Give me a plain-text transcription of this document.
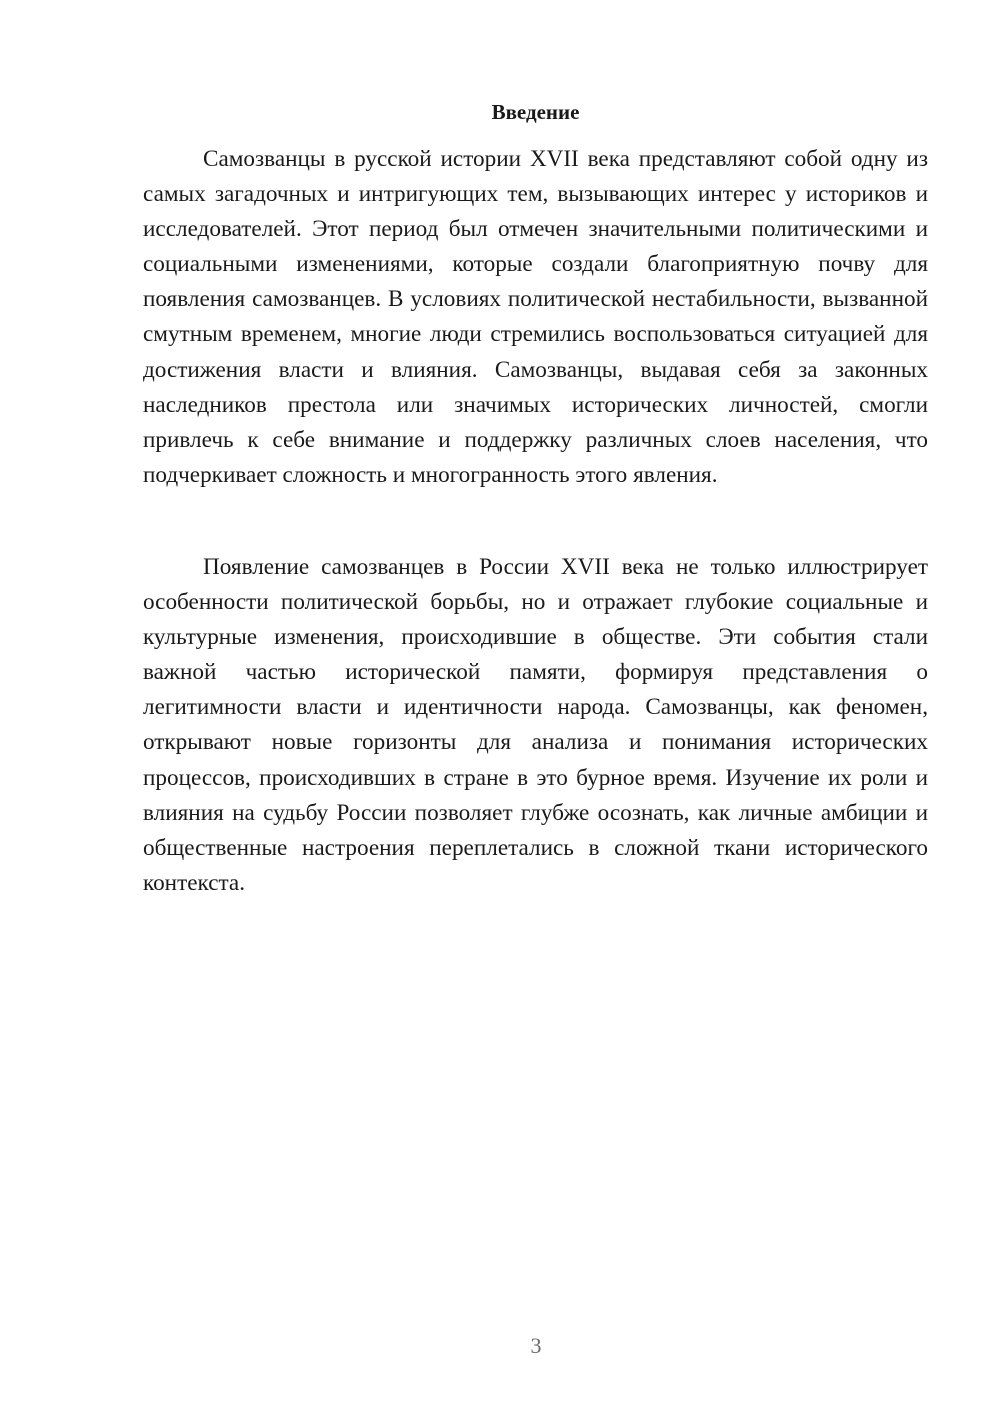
Введение

Самозванцы в русской истории XVII века представляют собой одну из самых загадочных и интригующих тем, вызывающих интерес у историков и исследователей. Этот период был отмечен значительными политическими и социальными изменениями, которые создали благоприятную почву для появления самозванцев. В условиях политической нестабильности, вызванной смутным временем, многие люди стремились воспользоваться ситуацией для достижения власти и влияния. Самозванцы, выдавая себя за законных наследников престола или значимых исторических личностей, смогли привлечь к себе внимание и поддержку различных слоев населения, что подчеркивает сложность и многогранность этого явления.

Появление самозванцев в России XVII века не только иллюстрирует особенности политической борьбы, но и отражает глубокие социальные и культурные изменения, происходившие в обществе. Эти события стали важной частью исторической памяти, формируя представления о легитимности власти и идентичности народа. Самозванцы, как феномен, открывают новые горизонты для анализа и понимания исторических процессов, происходивших в стране в это бурное время. Изучение их роли и влияния на судьбу России позволяет глубже осознать, как личные амбиции и общественные настроения переплетались в сложной ткани исторического контекста.

3
